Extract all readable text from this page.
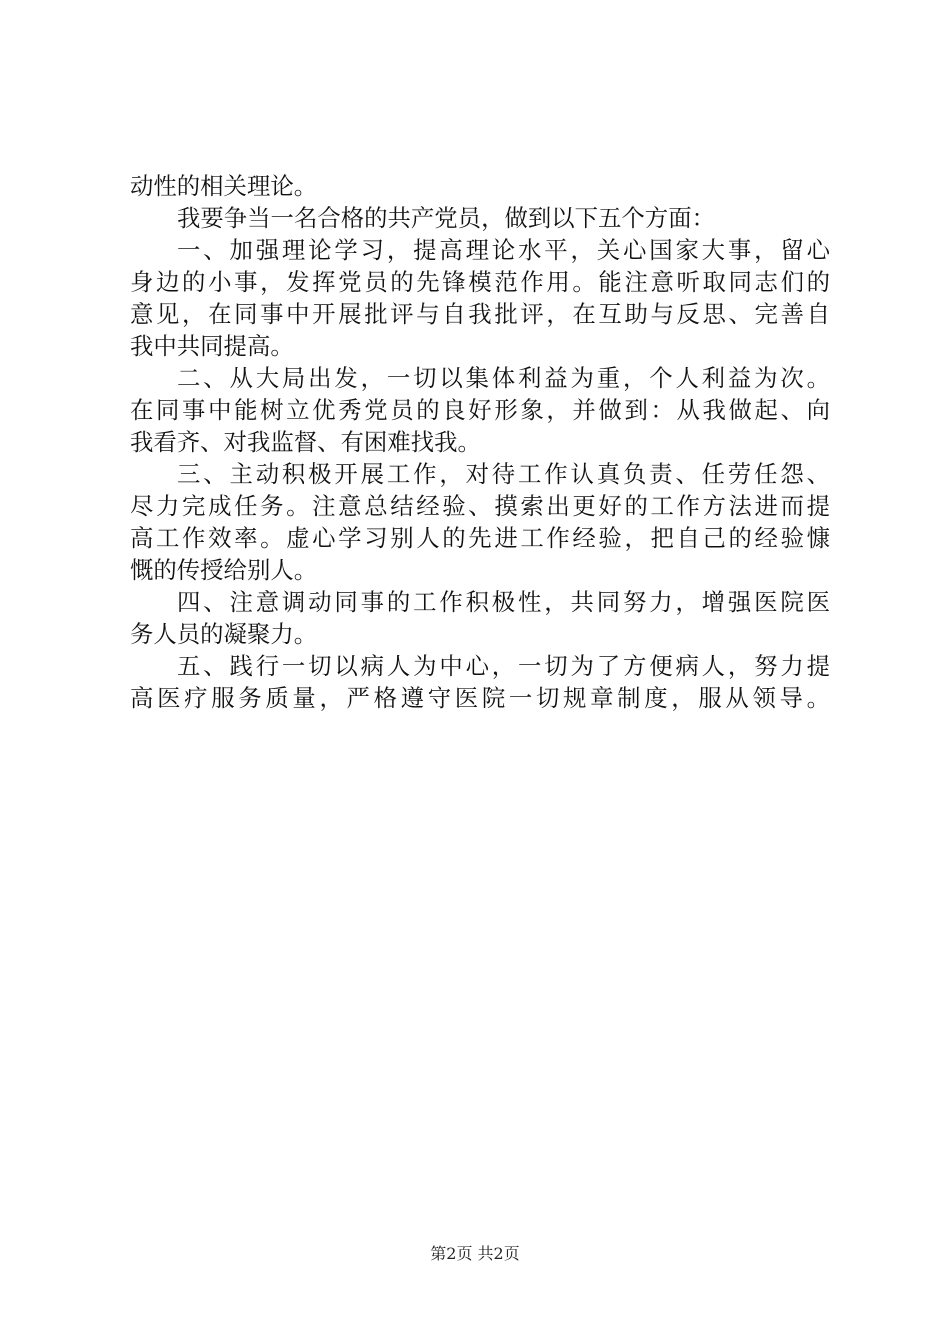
动性的相关理论。
我要争当一名合格的共产党员，做到以下五个方面：
一、加强理论学习，提高理论水平，关心国家大事，留心
身边的小事，发挥党员的先锋模范作用。能注意听取同志们的
意见，在同事中开展批评与自我批评，在互助与反思、完善自
我中共同提高。
二、从大局出发，一切以集体利益为重，个人利益为次。
在同事中能树立优秀党员的良好形象，并做到：从我做起、向
我看齐、对我监督、有困难找我。
三、主动积极开展工作，对待工作认真负责、任劳任怨、
尽力完成任务。注意总结经验、摸索出更好的工作方法进而提
高工作效率。虚心学习别人的先进工作经验，把自己的经验慷
慨的传授给别人。
四、注意调动同事的工作积极性，共同努力，增强医院医
务人员的凝聚力。
五、践行一切以病人为中心，一切为了方便病人，努力提
高医疗服务质量，严格遵守医院一切规章制度，服从领导。
第2页 共2页
